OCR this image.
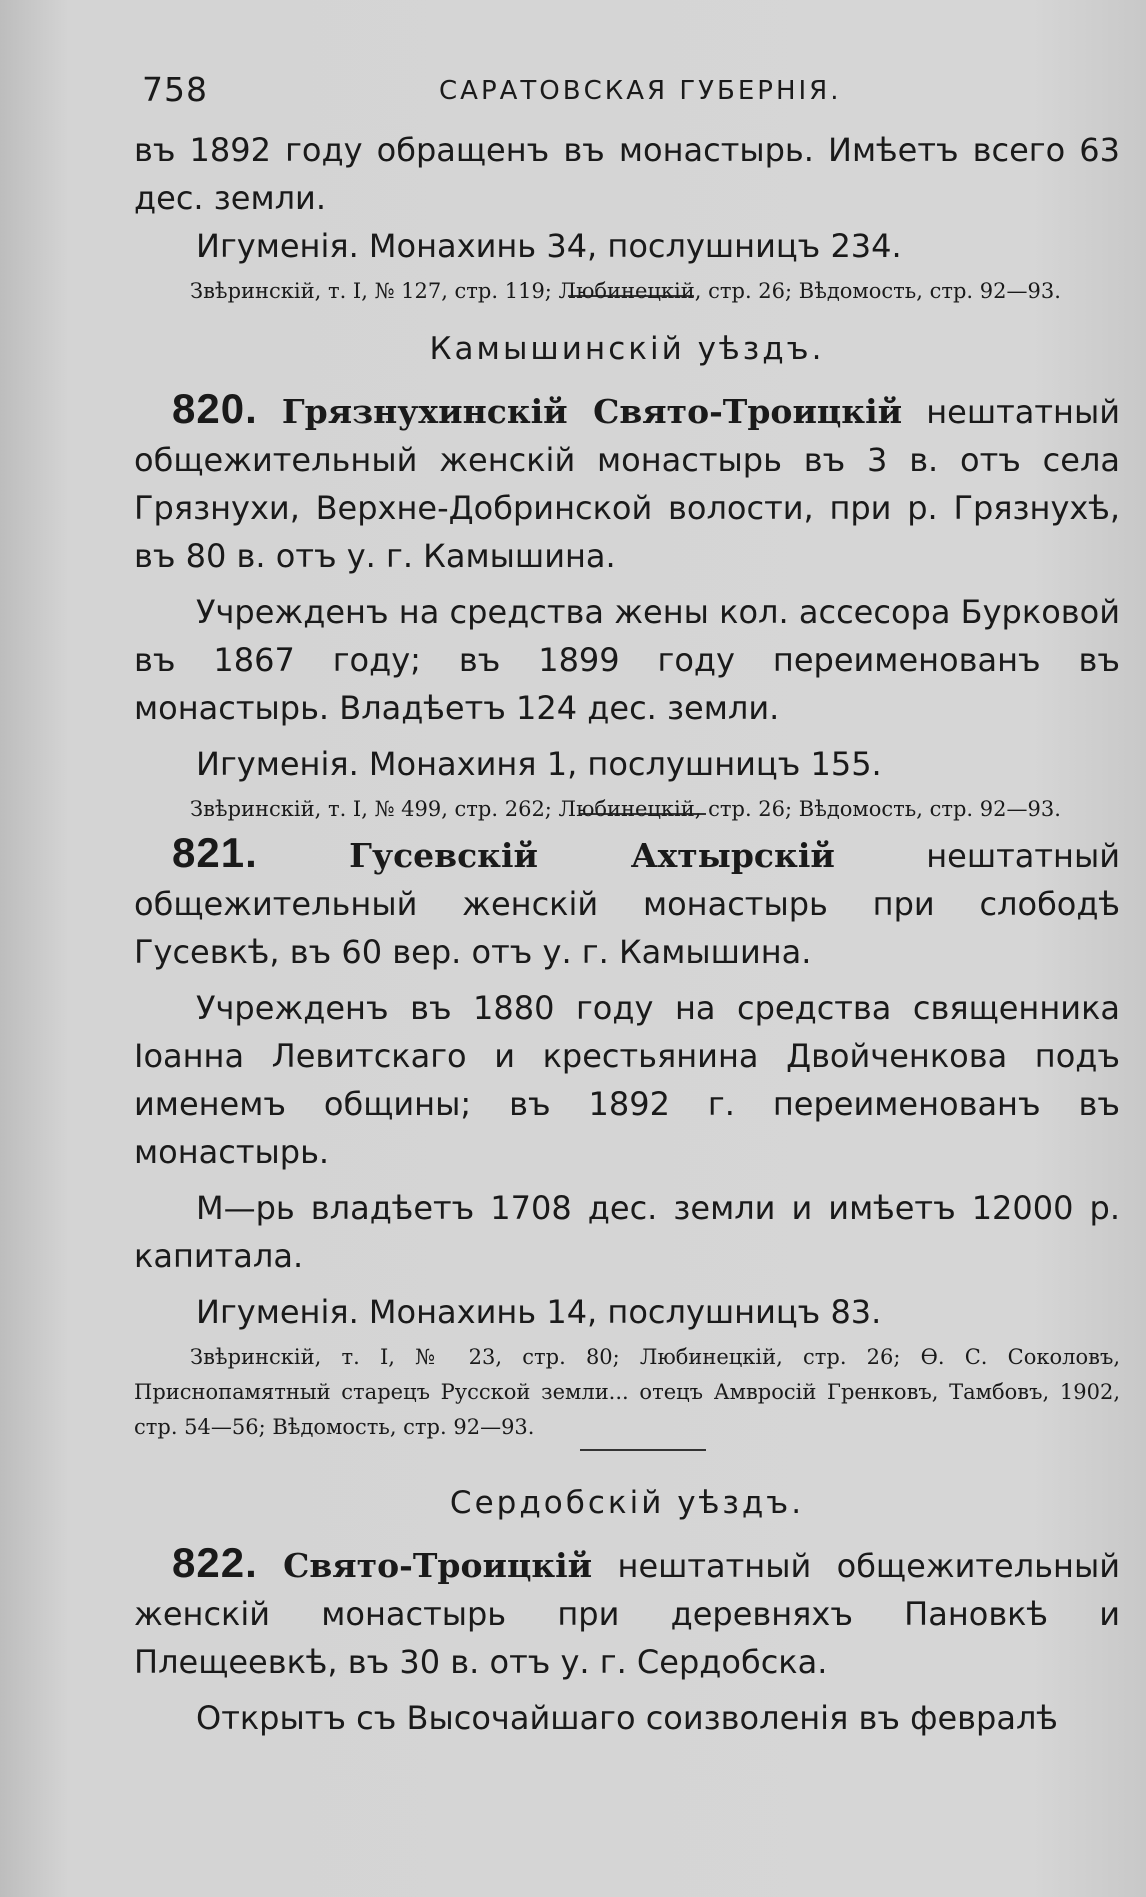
758	САРАТОВСКАЯ ГУБЕРНІЯ.

въ 1892 году обращенъ въ монастырь. Имѣетъ всего 63 дес. земли.

Игуменія. Монахинь 34, послушницъ 234.

Звѣринскій, т. I, № 127, стр. 119; Любинецкій, стр. 26; Вѣдомость, стр. 92—93.

Камышинскій уѣздъ.

820. Грязнухинскій Свято-Троицкій нештатный общежительный женскій монастырь въ 3 в. отъ села Грязнухи, Верхне-Добринской волости, при р. Грязнухѣ, въ 80 в. отъ у. г. Камышина.

Учрежденъ на средства жены кол. ассесора Бурковой въ 1867 году; въ 1899 году переименованъ въ монастырь. Владѣетъ 124 дес. земли.

Игуменія. Монахиня 1, послушницъ 155.

Звѣринскій, т. I, № 499, стр. 262; Любинецкій, стр. 26; Вѣдомость, стр. 92—93.

821.	Гусевскій Ахтырскій	нештатный общежительный женскій монастырь при слободѣ Гусевкѣ, въ 60 вер. отъ у. г. Камышина.

Учрежденъ въ 1880 году на средства священника Іоанна Левитскаго и крестьянина Двойченкова подъ именемъ общины; въ 1892 г. переименованъ въ монастырь.

М—рь владѣетъ 1708 дес. земли и имѣетъ 12000 р. капитала.

Игуменія. Монахинь 14, послушницъ 83.

Звѣринскій, т. I, № 23, стр. 80; Любинецкій, стр. 26; Ѳ. С. Соколовъ, Приснопамятный старецъ Русской земли... отецъ Амвросій Гренковъ, Тамбовъ, 1902, стр. 54—56; Вѣдомость, стр. 92—93.

Сердобскій уѣздъ.

822. Свято-Троицкій нештатный общежительный женскій монастырь при деревняхъ Пановкѣ и Плещеевкѣ, въ 30 в. отъ у. г. Сердобска.

Открытъ съ Высочайшаго соизволенія въ февралѣ
